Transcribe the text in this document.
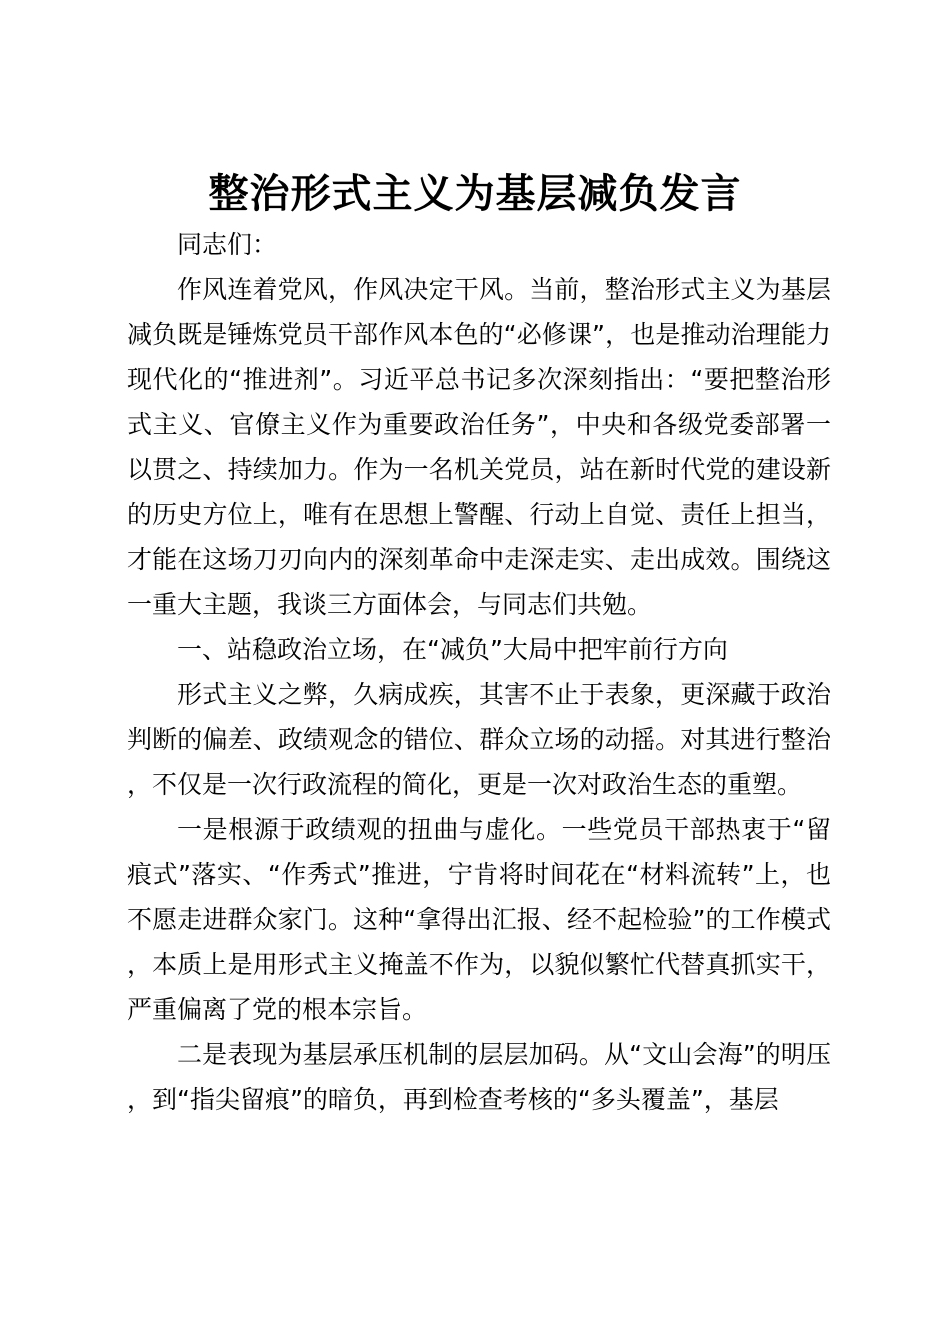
整治形式主义为基层减负发言

同志们：

作风连着党风，作风决定干风。当前，整治形式主义为基层减负既是锤炼党员干部作风本色的“必修课”，也是推动治理能力现代化的“推进剂”。习近平总书记多次深刻指出：“要把整治形式主义、官僚主义作为重要政治任务”，中央和各级党委部署一以贯之、持续加力。作为一名机关党员，站在新时代党的建设新的历史方位上，唯有在思想上警醒、行动上自觉、责任上担当，才能在这场刀刃向内的深刻革命中走深走实、走出成效。围绕这一重大主题，我谈三方面体会，与同志们共勉。

一、站稳政治立场，在“减负”大局中把牢前行方向

形式主义之弊，久病成疾，其害不止于表象，更深藏于政治判断的偏差、政绩观念的错位、群众立场的动摇。对其进行整治，不仅是一次行政流程的简化，更是一次对政治生态的重塑。

一是根源于政绩观的扭曲与虚化。一些党员干部热衷于“留痕式”落实、“作秀式”推进，宁肯将时间花在“材料流转”上，也不愿走进群众家门。这种“拿得出汇报、经不起检验”的工作模式，本质上是用形式主义掩盖不作为，以貌似繁忙代替真抓实干，严重偏离了党的根本宗旨。

二是表现为基层承压机制的层层加码。从“文山会海”的明压，到“指尖留痕”的暗负，再到检查考核的“多头覆盖”，基层
